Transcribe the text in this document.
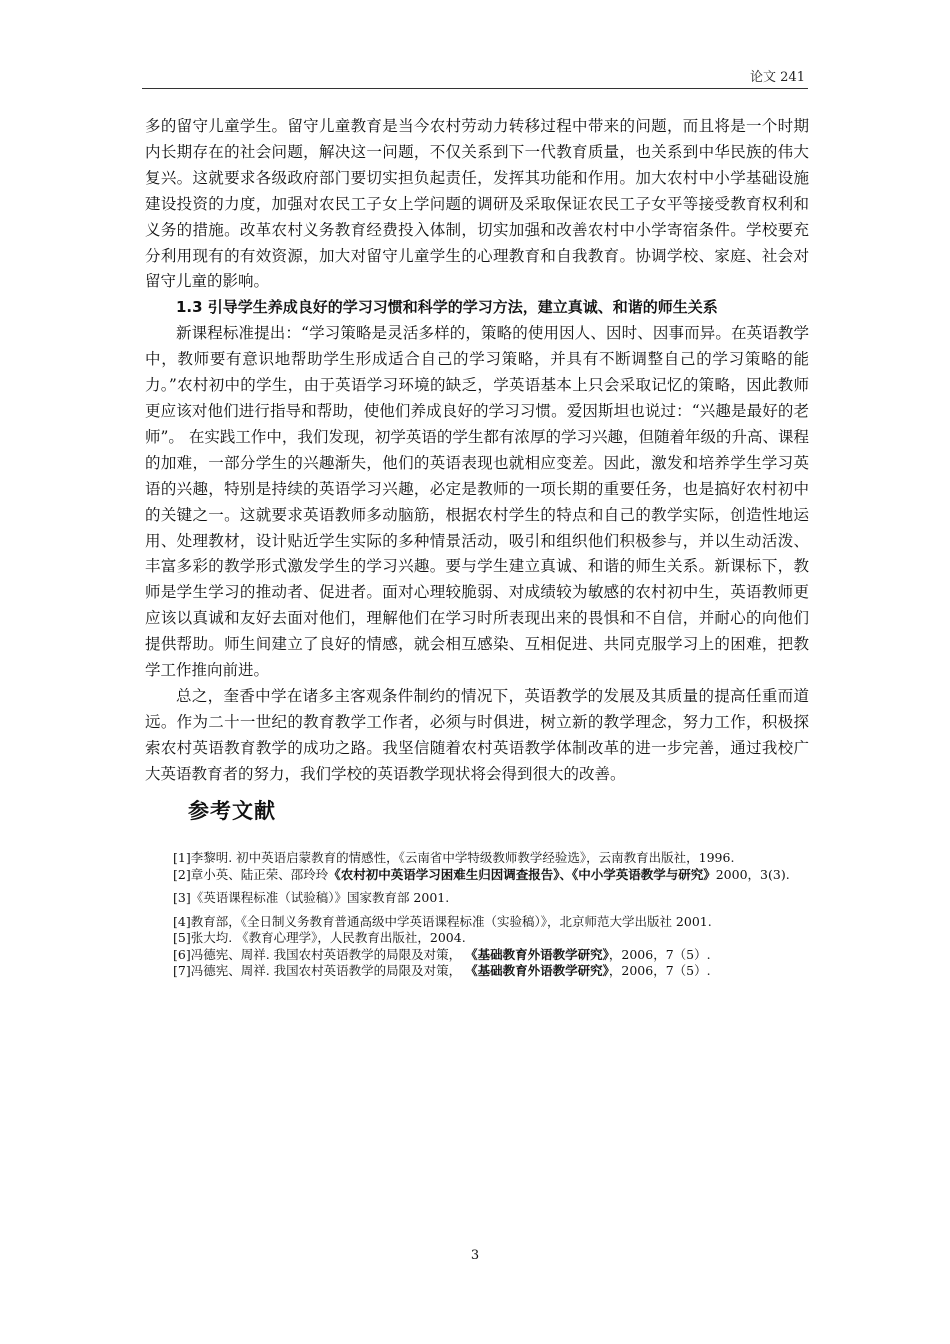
论文 241

多的留守儿童学生。留守儿童教育是当今农村劳动力转移过程中带来的问题，而且将是一个时期内长期存在的社会问题，解决这一问题，不仅关系到下一代教育质量，也关系到中华民族的伟大复兴。这就要求各级政府部门要切实担负起责任，发挥其功能和作用。加大农村中小学基础设施建设投资的力度，加强对农民工子女上学问题的调研及采取保证农民工子女平等接受教育权利和义务的措施。改革农村义务教育经费投入体制，切实加强和改善农村中小学寄宿条件。学校要充分利用现有的有效资源，加大对留守儿童学生的心理教育和自我教育。协调学校、家庭、社会对留守儿童的影响。

1.3 引导学生养成良好的学习习惯和科学的学习方法，建立真诚、和谐的师生关系

新课程标准提出：“学习策略是灵活多样的，策略的使用因人、因时、因事而异。在英语教学中，教师要有意识地帮助学生形成适合自己的学习策略，并具有不断调整自己的学习策略的能力。”农村初中的学生，由于英语学习环境的缺乏，学英语基本上只会采取记忆的策略，因此教师更应该对他们进行指导和帮助，使他们养成良好的学习习惯。爱因斯坦也说过：“兴趣是最好的老师”。 在实践工作中，我们发现，初学英语的学生都有浓厚的学习兴趣，但随着年级的升高、课程的加难，一部分学生的兴趣渐失，他们的英语表现也就相应变差。因此，激发和培养学生学习英语的兴趣，特别是持续的英语学习兴趣，必定是教师的一项长期的重要任务，也是搞好农村初中的关键之一。这就要求英语教师多动脑筋，根据农村学生的特点和自己的教学实际，创造性地运用、处理教材，设计贴近学生实际的多种情景活动，吸引和组织他们积极参与，并以生动活泼、丰富多彩的教学形式激发学生的学习兴趣。要与学生建立真诚、和谐的师生关系。新课标下，教师是学生学习的推动者、促进者。面对心理较脆弱、对成绩较为敏感的农村初中生，英语教师更应该以真诚和友好去面对他们，理解他们在学习时所表现出来的畏惧和不自信，并耐心的向他们提供帮助。师生间建立了良好的情感，就会相互感染、互相促进、共同克服学习上的困难，把教学工作推向前进。

总之，奎香中学在诸多主客观条件制约的情况下，英语教学的发展及其质量的提高任重而道远。作为二十一世纪的教育教学工作者，必须与时俱进，树立新的教学理念，努力工作，积极探索农村英语教育教学的成功之路。我坚信随着农村英语教学体制改革的进一步完善，通过我校广大英语教育者的努力，我们学校的英语教学现状将会得到很大的改善。

参考文献
[1]李黎明. 初中英语启蒙教育的情感性，《云南省中学特级教师教学经验选》，云南教育出版社，1996.
[2]章小英、陆正荣、邵玲玲《农村初中英语学习困难生归因调查报告》、《中小学英语教学与研究》2000，3(3).
[3]《英语课程标准（试验稿）》国家教育部 2001.
[4]教育部，《全日制义务教育普通高级中学英语课程标准（实验稿）》，北京师范大学出版社 2001.
[5]张大均. 《教育心理学》，人民教育出版社，2004.
[6]冯德宪、周祥. 我国农村英语教学的局限及对策， 《基础教育外语教学研究》，2006，7（5）.
[7]冯德宪、周祥. 我国农村英语教学的局限及对策， 《基础教育外语教学研究》，2006，7（5）.
3
